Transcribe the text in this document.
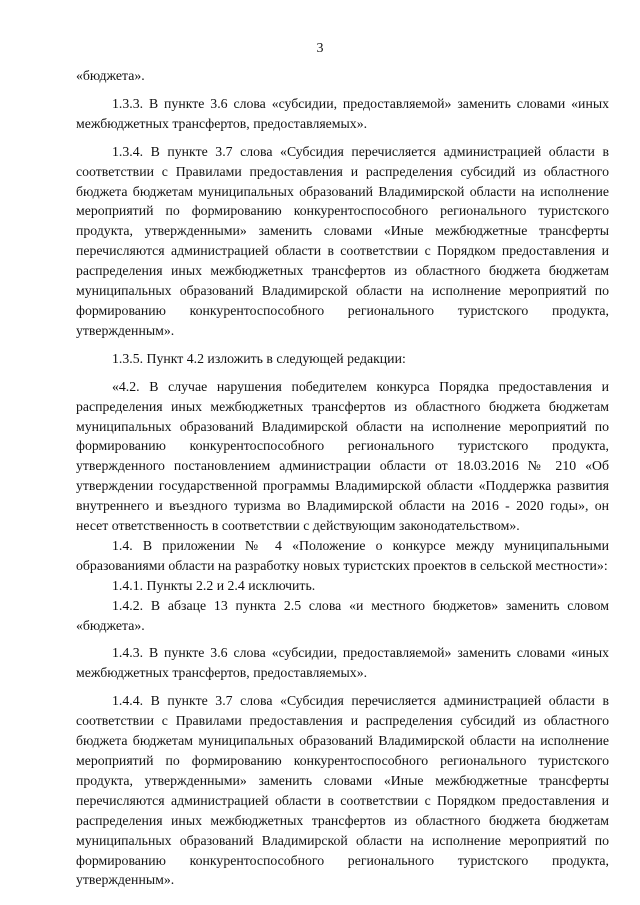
3

«бюджета».

1.3.3. В пункте 3.6 слова «субсидии, предоставляемой» заменить словами «иных межбюджетных трансфертов, предоставляемых».

1.3.4. В пункте 3.7 слова «Субсидия перечисляется администрацией области в соответствии с Правилами предоставления и распределения субсидий из областного бюджета бюджетам муниципальных образований Владимирской области на исполнение мероприятий по формированию конкурентоспособного регионального туристского продукта, утвержденными» заменить словами «Иные межбюджетные трансферты перечисляются администрацией области в соответствии с Порядком предоставления и распределения иных межбюджетных трансфертов из областного бюджета бюджетам муниципальных образований Владимирской области на исполнение мероприятий по формированию конкурентоспособного регионального туристского продукта, утвержденным».

1.3.5. Пункт 4.2 изложить в следующей редакции:

«4.2. В случае нарушения победителем конкурса Порядка предоставления и распределения иных межбюджетных трансфертов из областного бюджета бюджетам муниципальных образований Владимирской области на исполнение мероприятий по формированию конкурентоспособного регионального туристского продукта, утвержденного постановлением администрации области от 18.03.2016 № 210 «Об утверждении государственной программы Владимирской области «Поддержка развития внутреннего и въездного туризма во Владимирской области на 2016 - 2020 годы», он несет ответственность в соответствии с действующим законодательством».

1.4. В приложении № 4 «Положение о конкурсе между муниципальными образованиями области на разработку новых туристских проектов в сельской местности»:

1.4.1. Пункты 2.2 и 2.4 исключить.

1.4.2. В абзаце 13 пункта 2.5 слова «и местного бюджетов» заменить словом «бюджета».

1.4.3. В пункте 3.6 слова «субсидии, предоставляемой» заменить словами «иных межбюджетных трансфертов, предоставляемых».

1.4.4. В пункте 3.7 слова «Субсидия перечисляется администрацией области в соответствии с Правилами предоставления и распределения субсидий из областного бюджета бюджетам муниципальных образований Владимирской области на исполнение мероприятий по формированию конкурентоспособного регионального туристского продукта, утвержденными» заменить словами «Иные межбюджетные трансферты перечисляются администрацией области в соответствии с Порядком предоставления и распределения иных межбюджетных трансфертов из областного бюджета бюджетам муниципальных образований Владимирской области на исполнение мероприятий по формированию конкурентоспособного регионального туристского продукта, утвержденным».
